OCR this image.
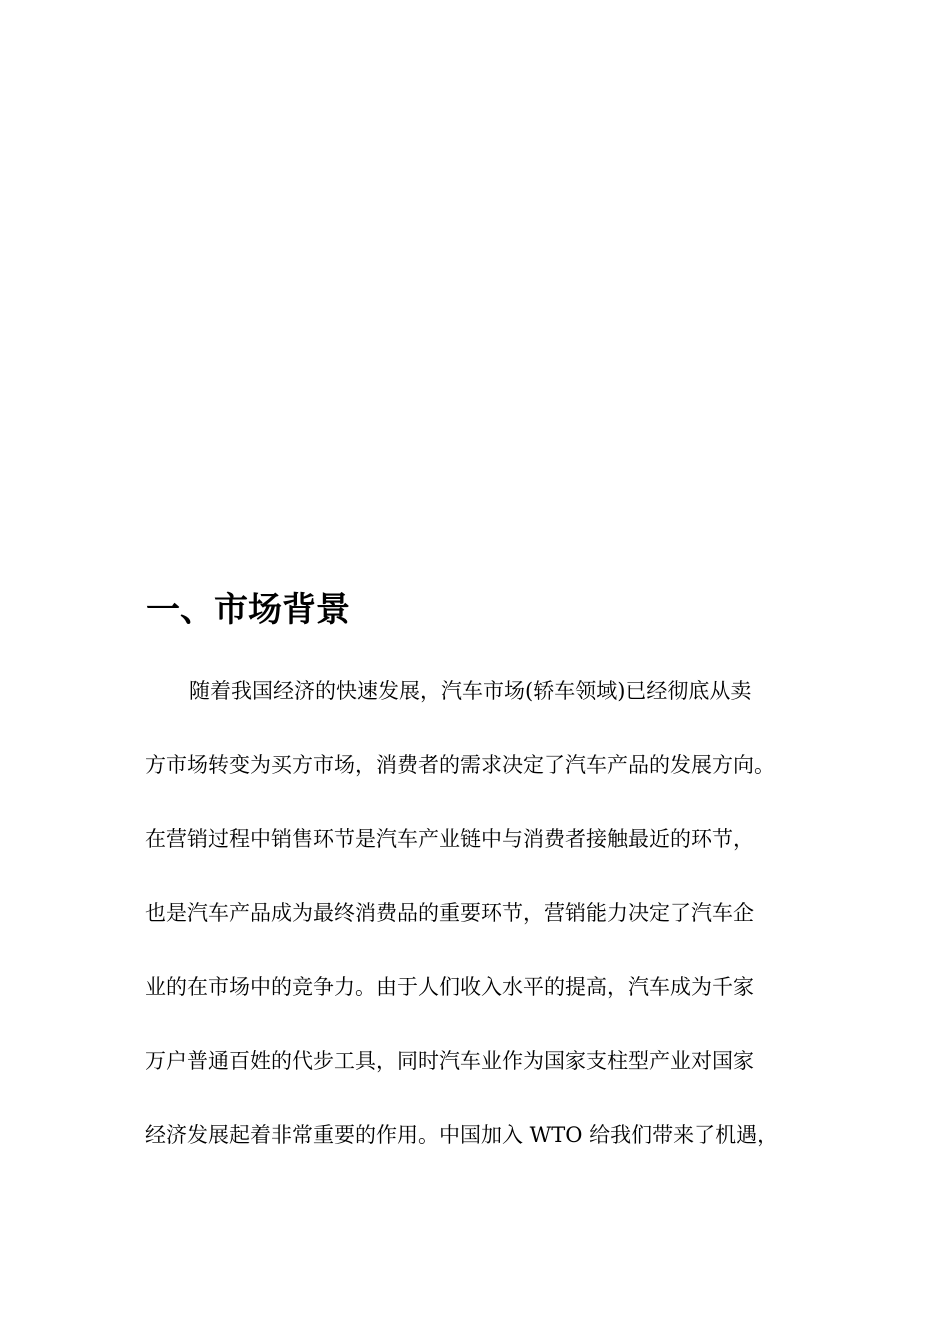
一、市场背景

随着我国经济的快速发展，汽车市场(轿车领域)已经彻底从卖

方市场转变为买方市场，消费者的需求决定了汽车产品的发展方向。

在营销过程中销售环节是汽车产业链中与消费者接触最近的环节，

也是汽车产品成为最终消费品的重要环节，营销能力决定了汽车企

业的在市场中的竞争力。由于人们收入水平的提高，汽车成为千家

万户普通百姓的代步工具，同时汽车业作为国家支柱型产业对国家

经济发展起着非常重要的作用。中国加入 WTO 给我们带来了机遇，
